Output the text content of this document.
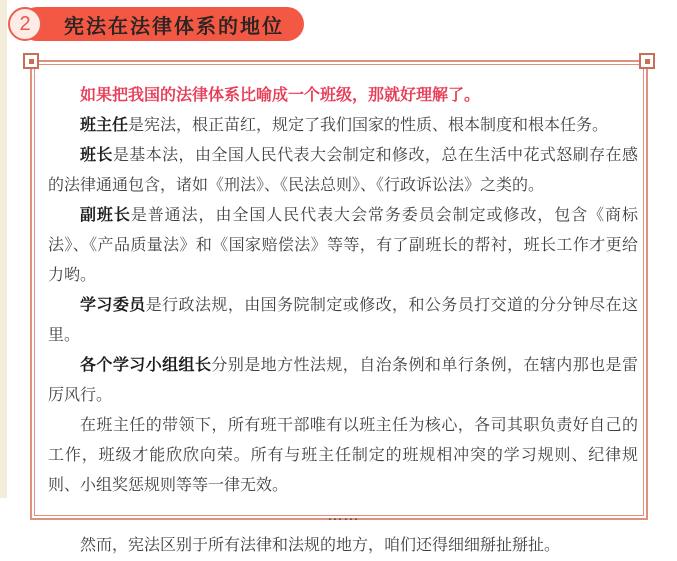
宪法在法律体系的地位
2

如果把我国的法律体系比喻成一个班级，那就好理解了。

班主任是宪法，根正苗红，规定了我们国家的性质、根本制度和根本任务。

班长是基本法，由全国人民代表大会制定和修改，总在生活中花式怒刷存在感的法律通通包含，诸如《刑法》、《民法总则》、《行政诉讼法》之类的。

副班长是普通法，由全国人民代表大会常务委员会制定或修改，包含《商标法》、《产品质量法》和《国家赔偿法》等等，有了副班长的帮衬，班长工作才更给力哟。

学习委员是行政法规，由国务院制定或修改，和公务员打交道的分分钟尽在这里。

各个学习小组组长分别是地方性法规，自治条例和单行条例，在辖内那也是雷厉风行。

在班主任的带领下，所有班干部唯有以班主任为核心，各司其职负责好自己的工作，班级才能欣欣向荣。所有与班主任制定的班规相冲突的学习规则、纪律规则、小组奖惩规则等等一律无效。

……

然而，宪法区别于所有法律和法规的地方，咱们还得细细掰扯掰扯。
